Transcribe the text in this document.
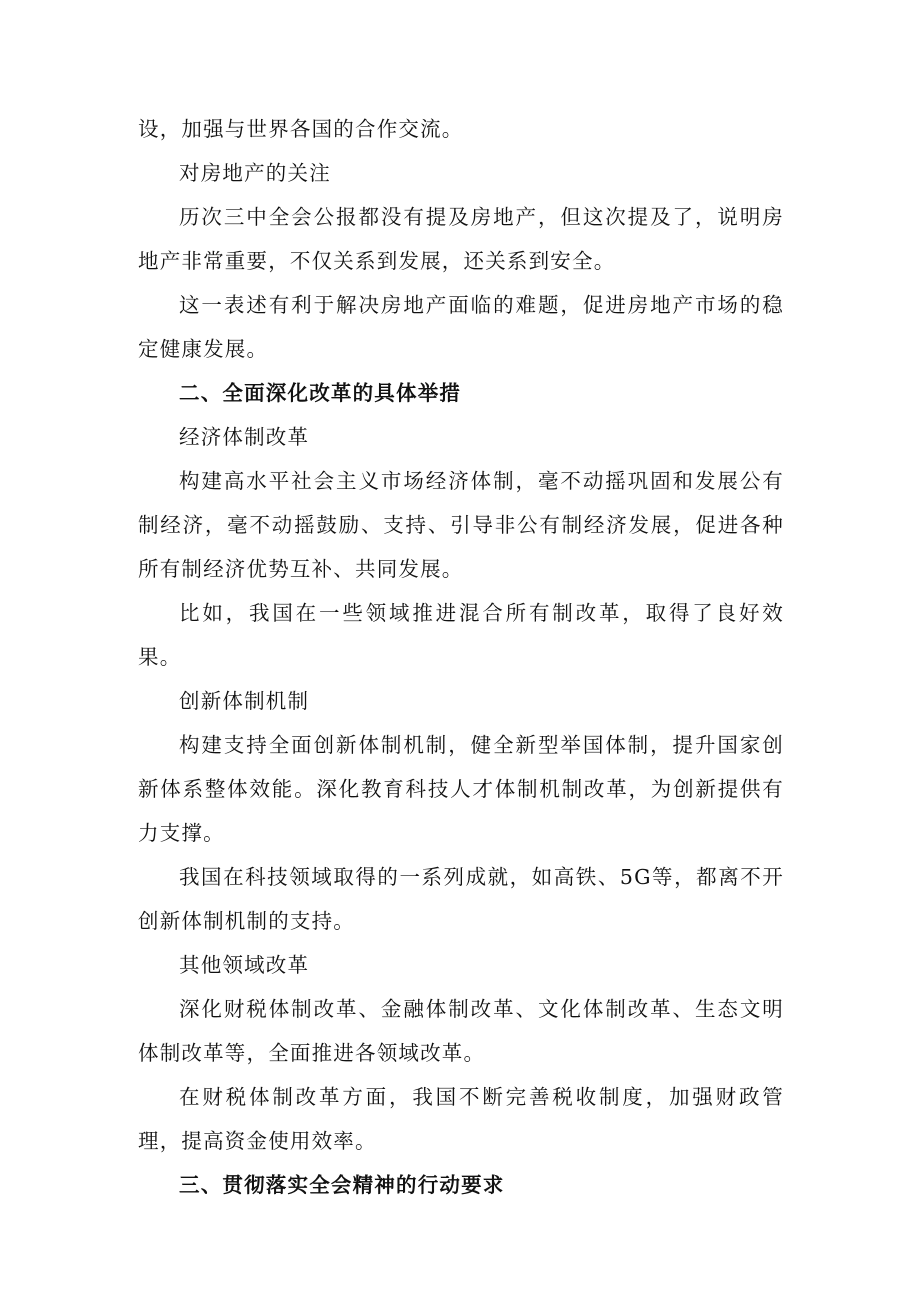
设，加强与世界各国的合作交流。

对房地产的关注

历次三中全会公报都没有提及房地产，但这次提及了，说明房地产非常重要，不仅关系到发展，还关系到安全。

这一表述有利于解决房地产面临的难题，促进房地产市场的稳定健康发展。

二、全面深化改革的具体举措

经济体制改革

构建高水平社会主义市场经济体制，毫不动摇巩固和发展公有制经济，毫不动摇鼓励、支持、引导非公有制经济发展，促进各种所有制经济优势互补、共同发展。

比如，我国在一些领域推进混合所有制改革，取得了良好效果。

创新体制机制

构建支持全面创新体制机制，健全新型举国体制，提升国家创新体系整体效能。深化教育科技人才体制机制改革，为创新提供有力支撑。

我国在科技领域取得的一系列成就，如高铁、5G等，都离不开创新体制机制的支持。

其他领域改革

深化财税体制改革、金融体制改革、文化体制改革、生态文明体制改革等，全面推进各领域改革。

在财税体制改革方面，我国不断完善税收制度，加强财政管理，提高资金使用效率。

三、贯彻落实全会精神的行动要求
